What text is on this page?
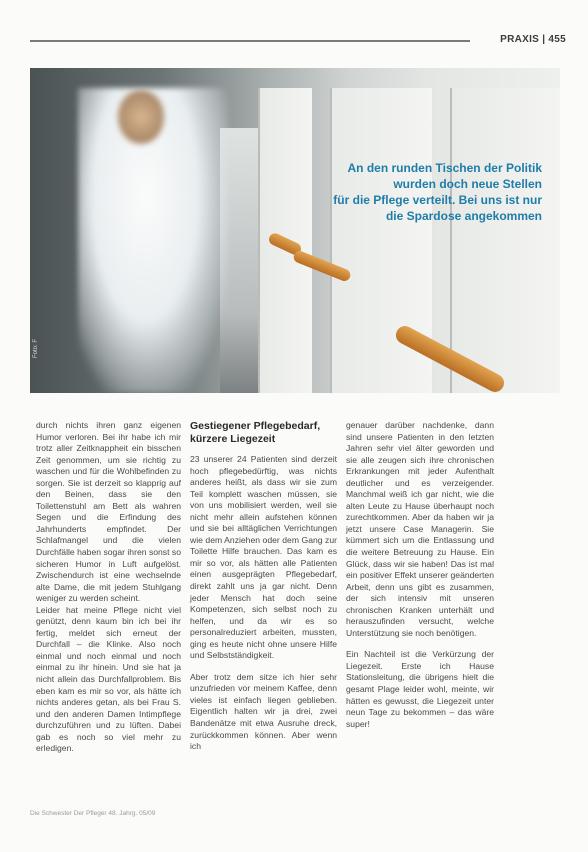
PRAXIS | 455
Foto: F
An den runden Tischen der Politik
wurden doch neue Stellen
für die Pflege verteilt. Bei uns ist nur
die Spardose angekommen

durch nichts ihren ganz eigenen Humor verloren. Bei ihr habe ich mir trotz aller Zeitknappheit ein bisschen Zeit genommen, um sie richtig zu waschen und für die Wohlbefinden zu sorgen. Sie ist derzeit so klapprig auf den Beinen, dass sie den Toilettenstuhl am Bett als wahren Segen und die Erfindung des Jahrhunderts empfindet. Der Schlafmangel und die vielen Durchfälle haben sogar ihren sonst so sicheren Humor in Luft aufgelöst. Zwischendurch ist eine wechselnde alte Dame, die mit jedem Stuhlgang weniger zu werden scheint.

Leider hat meine Pflege nicht viel genützt, denn kaum bin ich bei ihr fertig, meldet sich erneut der Durchfall – die Klinke. Also noch einmal und noch einmal und noch einmal zu ihr hinein. Und sie hat ja nicht allein das Durchfallproblem. Bis eben kam es mir so vor, als hätte ich nichts anderes getan, als bei Frau S. und den anderen Damen Intimpflege durchzuführen und zu lüften. Dabei gab es noch so viel mehr zu erledigen.

Gestiegener Pflegebedarf, kürzere Liegezeit

23 unserer 24 Patienten sind derzeit hoch pflegebedürftig, was nichts anderes heißt, als dass wir sie zum Teil komplett waschen müssen, sie von uns mobilisiert werden, weil sie nicht mehr allein aufstehen können und sie bei alltäglichen Verrichtungen wie dem Anziehen oder dem Gang zur Toilette Hilfe brauchen. Das kam es mir so vor, als hätten alle Patienten einen ausgeprägten Pflegebedarf, direkt zahlt uns ja gar nicht. Denn jeder Mensch hat doch seine Kompetenzen, sich selbst noch zu helfen, und da wir es so personalreduziert arbeiten, mussten, ging es heute nicht ohne unsere Hilfe und Selbstständigkeit.

Aber trotz dem sitze ich hier sehr unzufrieden vor meinem Kaffee, denn vieles ist einfach liegen geblieben. Eigentlich halten wir ja drei, zwei Bandenätze mit etwa Ausruhe dreck, zurückkommen können. Aber wenn ich

genauer darüber nachdenke, dann sind unsere Patienten in den letzten Jahren sehr viel älter geworden und sie alle zeugen sich ihre chronischen Erkrankungen mit jeder Aufenthalt deutlicher und es verzeigender. Manchmal weiß ich gar nicht, wie die alten Leute zu Hause überhaupt noch zurechtkommen. Aber da haben wir ja jetzt unsere Case Managerin. Sie kümmert sich um die Entlassung und die weitere Betreuung zu Hause. Ein Glück, dass wir sie haben! Das ist mal ein positiver Effekt unserer geänderten Arbeit, denn uns gibt es zusammen, der sich intensiv mit unseren chronischen Kranken unterhält und herauszufinden versucht, welche Unterstützung sie noch benötigen.

Ein Nachteil ist die Verkürzung der Liegezeit. Erste ich Hause Stationsleitung, die übrigens hielt die gesamt Plage leider wohl, meinte, wir hätten es gewusst, die Liegezeit unter neun Tage zu bekommen – das wäre super!

Die Schwester Der Pfleger 48. Jahrg. 05/09
